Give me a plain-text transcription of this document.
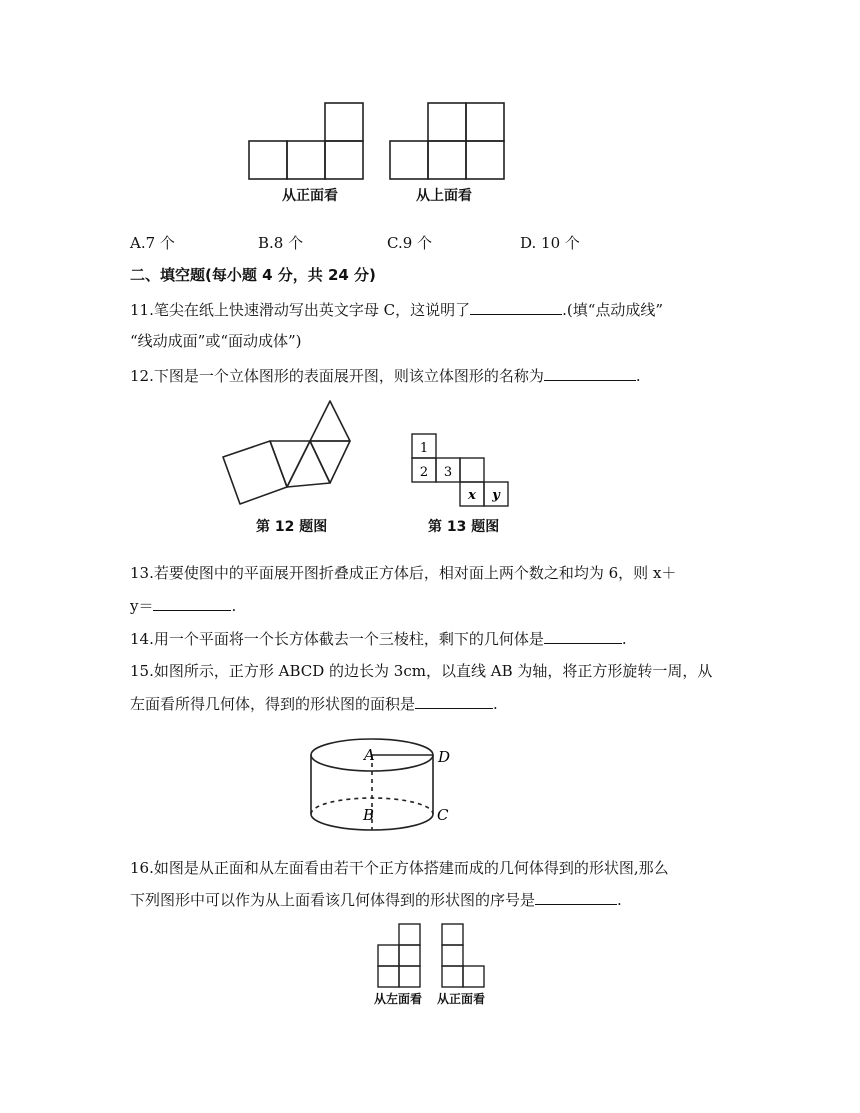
从正面看	从上面看
A.7 个	B.8 个	C.9 个	D. 10 个
二、填空题(每小题 4 分，共 24 分)
11.笔尖在纸上快速滑动写出英文字母 C，这说明了	.(填“点动成线”
“线动成面”或“面动成体”)
12.下图是一个立体图形的表面展开图，则该立体图形的名称为	.
第 12 题图
1
2 3
x y
第 13 题图
13.若要使图中的平面展开图折叠成正方体后，相对面上两个数之和均为 6，则 x＋
y＝	.
14.用一个平面将一个长方体截去一个三棱柱，剩下的几何体是	.
15.如图所示，正方形 ABCD 的边长为 3cm，以直线 AB 为轴，将正方形旋转一周，从
左面看所得几何体，得到的形状图的面积是	.
A	D
B	C
16.如图是从正面和从左面看由若干个正方体搭建而成的几何体得到的形状图,那么
下列图形中可以作为从上面看该几何体得到的形状图的序号是	.
从左面看 从正面看
